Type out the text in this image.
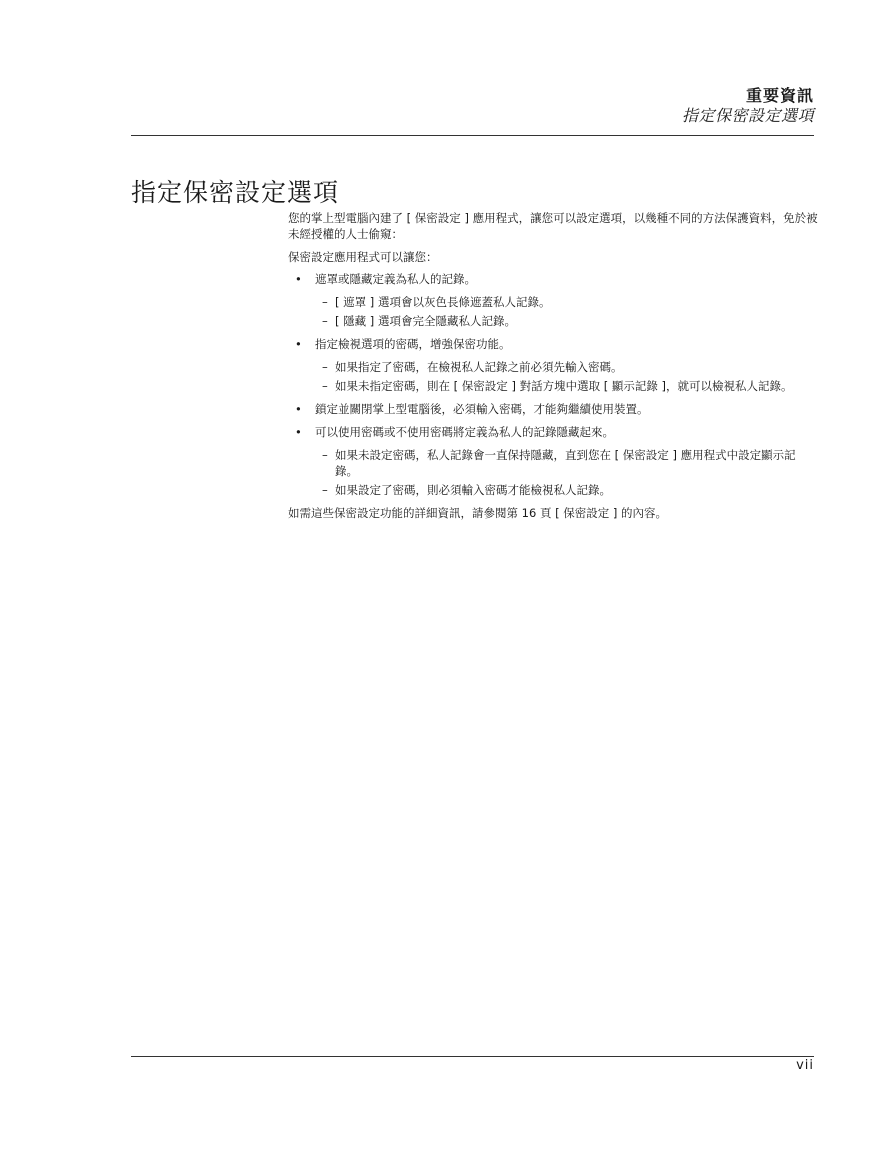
重要資訊
指定保密設定選項
指定保密設定選項

您的掌上型電腦內建了 [ 保密設定 ] 應用程式，讓您可以設定選項，以幾種不同的方法保護資料，免於被未經授權的人士偷窺：

保密設定應用程式可以讓您：

• 遮罩或隱藏定義為私人的記錄。
– [ 遮罩 ] 選項會以灰色長條遮蓋私人記錄。
– [ 隱藏 ] 選項會完全隱藏私人記錄。
• 指定檢視選項的密碼，增強保密功能。
– 如果指定了密碼，在檢視私人記錄之前必須先輸入密碼。
– 如果未指定密碼，則在 [ 保密設定 ] 對話方塊中選取 [ 顯示記錄 ]，就可以檢視私人記錄。
• 鎖定並關閉掌上型電腦後，必須輸入密碼，才能夠繼續使用裝置。
• 可以使用密碼或不使用密碼將定義為私人的記錄隱藏起來。
– 如果未設定密碼，私人記錄會一直保持隱藏，直到您在 [ 保密設定 ] 應用程式中設定顯示記錄。
– 如果設定了密碼，則必須輸入密碼才能檢視私人記錄。

如需這些保密設定功能的詳細資訊，請參閱第 16 頁 [ 保密設定 ] 的內容。

vii
